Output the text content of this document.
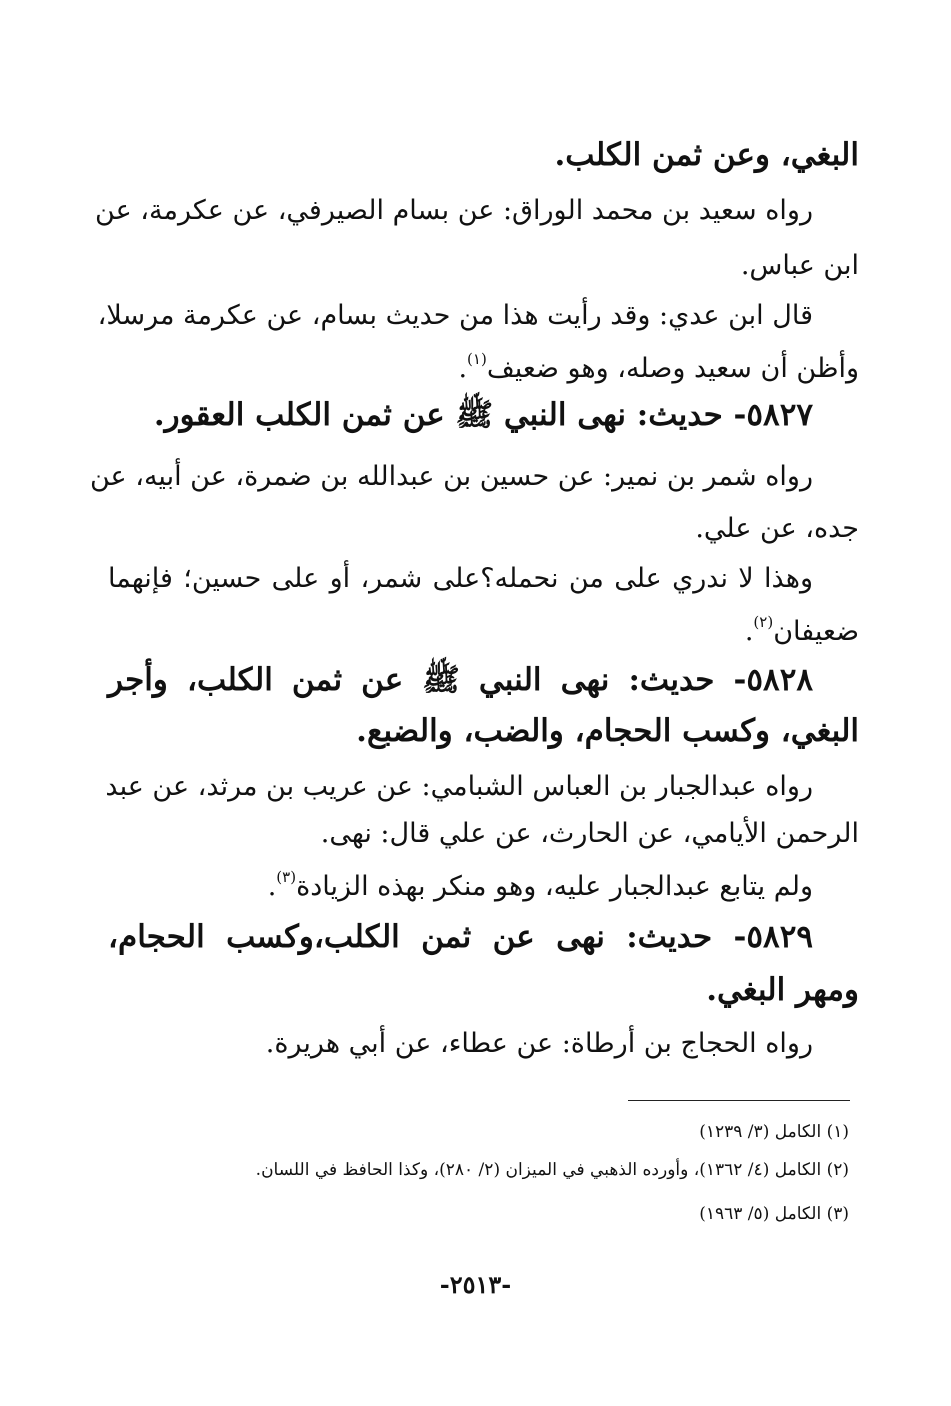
البغي، وعن ثمن الكلب.
رواه سعيد بن محمد الوراق: عن بسام الصيرفي، عن عكرمة، عن
ابن عباس.
قال ابن عدي: وقد رأيت هذا من حديث بسام، عن عكرمة مرسلا،
وأظن أن سعيد وصله، وهو ضعيف$^{(١)}$.
٥٨٢٧- حديث: نهى النبي ﷺ عن ثمن الكلب العقور.
رواه شمر بن نمير: عن حسين بن عبدالله بن ضمرة، عن أبيه، عن
جده، عن علي.
وهذا لا ندري على من نحمله؟على شمر، أو على حسين؛ فإنهما
ضعيفان$^{(٢)}$.
٥٨٢٨- حديث: نهى النبي ﷺ عن ثمن الكلب، وأجر
البغي، وكسب الحجام، والضب، والضبع.
رواه عبدالجبار بن العباس الشبامي: عن عريب بن مرثد، عن عبد
الرحمن الأيامي، عن الحارث، عن علي قال: نهى.
ولم يتابع عبدالجبار عليه، وهو منكر بهذه الزيادة$^{(٣)}$.
٥٨٢٩- حديث: نهى عن ثمن الكلب،وكسب الحجام،
ومهر البغي.
رواه الحجاج بن أرطاة: عن عطاء، عن أبي هريرة.
(١) الكامل (٣/ ١٢٣٩)
(٢) الكامل (٤/ ١٣٦٢)، وأورده الذهبي في الميزان (٢/ ٢٨٠)، وكذا الحافظ في اللسان.
(٣) الكامل (٥/ ١٩٦٣)
-٢٥١٣-
